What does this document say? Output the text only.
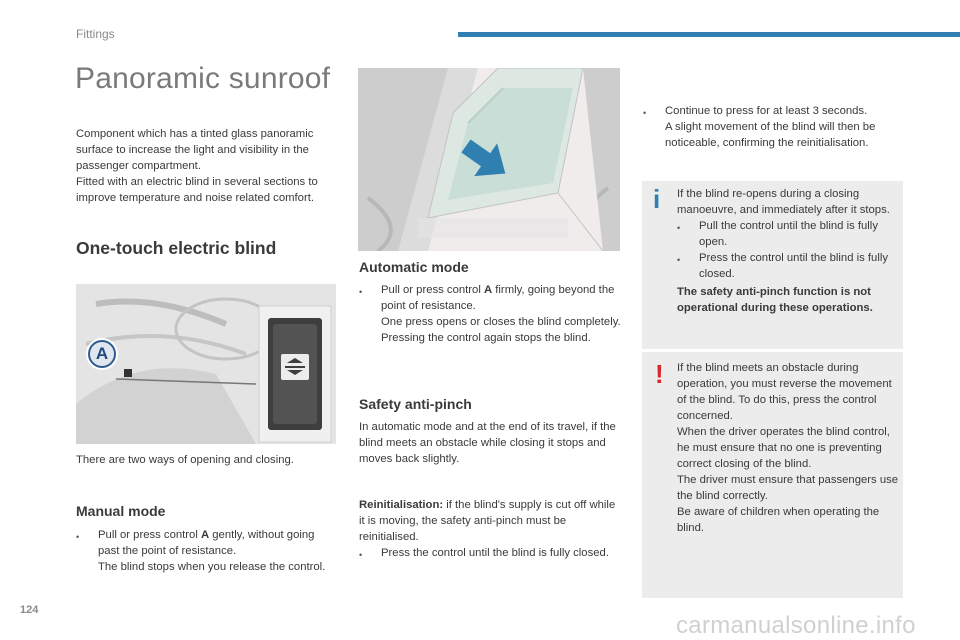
Fittings
Panoramic sunroof
Component which has a tinted glass panoramic surface to increase the light and visibility in the passenger compartment.
Fitted with an electric blind in several sections to improve temperature and noise related comfort.
One-touch electric blind
A
There are two ways of opening and closing.
Manual mode
•	Pull or press control A gently, without going past the point of resistance.
The blind stops when you release the control.
Automatic mode
•	Pull or press control A firmly, going beyond the point of resistance.
One press opens or closes the blind completely.
Pressing the control again stops the blind.
Safety anti-pinch
In automatic mode and at the end of its travel, if the blind meets an obstacle while closing it stops and moves back slightly.
Reinitialisation: if the blind's supply is cut off while it is moving, the safety anti-pinch must be reinitialised.
•	Press the control until the blind is fully closed.
•	Continue to press for at least 3 seconds.
A slight movement of the blind will then be noticeable, confirming the reinitialisation.
i If the blind re-opens during a closing manoeuvre, and immediately after it stops.
•	Pull the control until the blind is fully open.
•	Press the control until the blind is fully closed.
The safety anti-pinch function is not operational during these operations.
! If the blind meets an obstacle during operation, you must reverse the movement of the blind. To do this, press the control concerned.
When the driver operates the blind control, he must ensure that no one is preventing correct closing of the blind.
The driver must ensure that passengers use the blind correctly.
Be aware of children when operating the blind.
124
carmanualsonline.info
